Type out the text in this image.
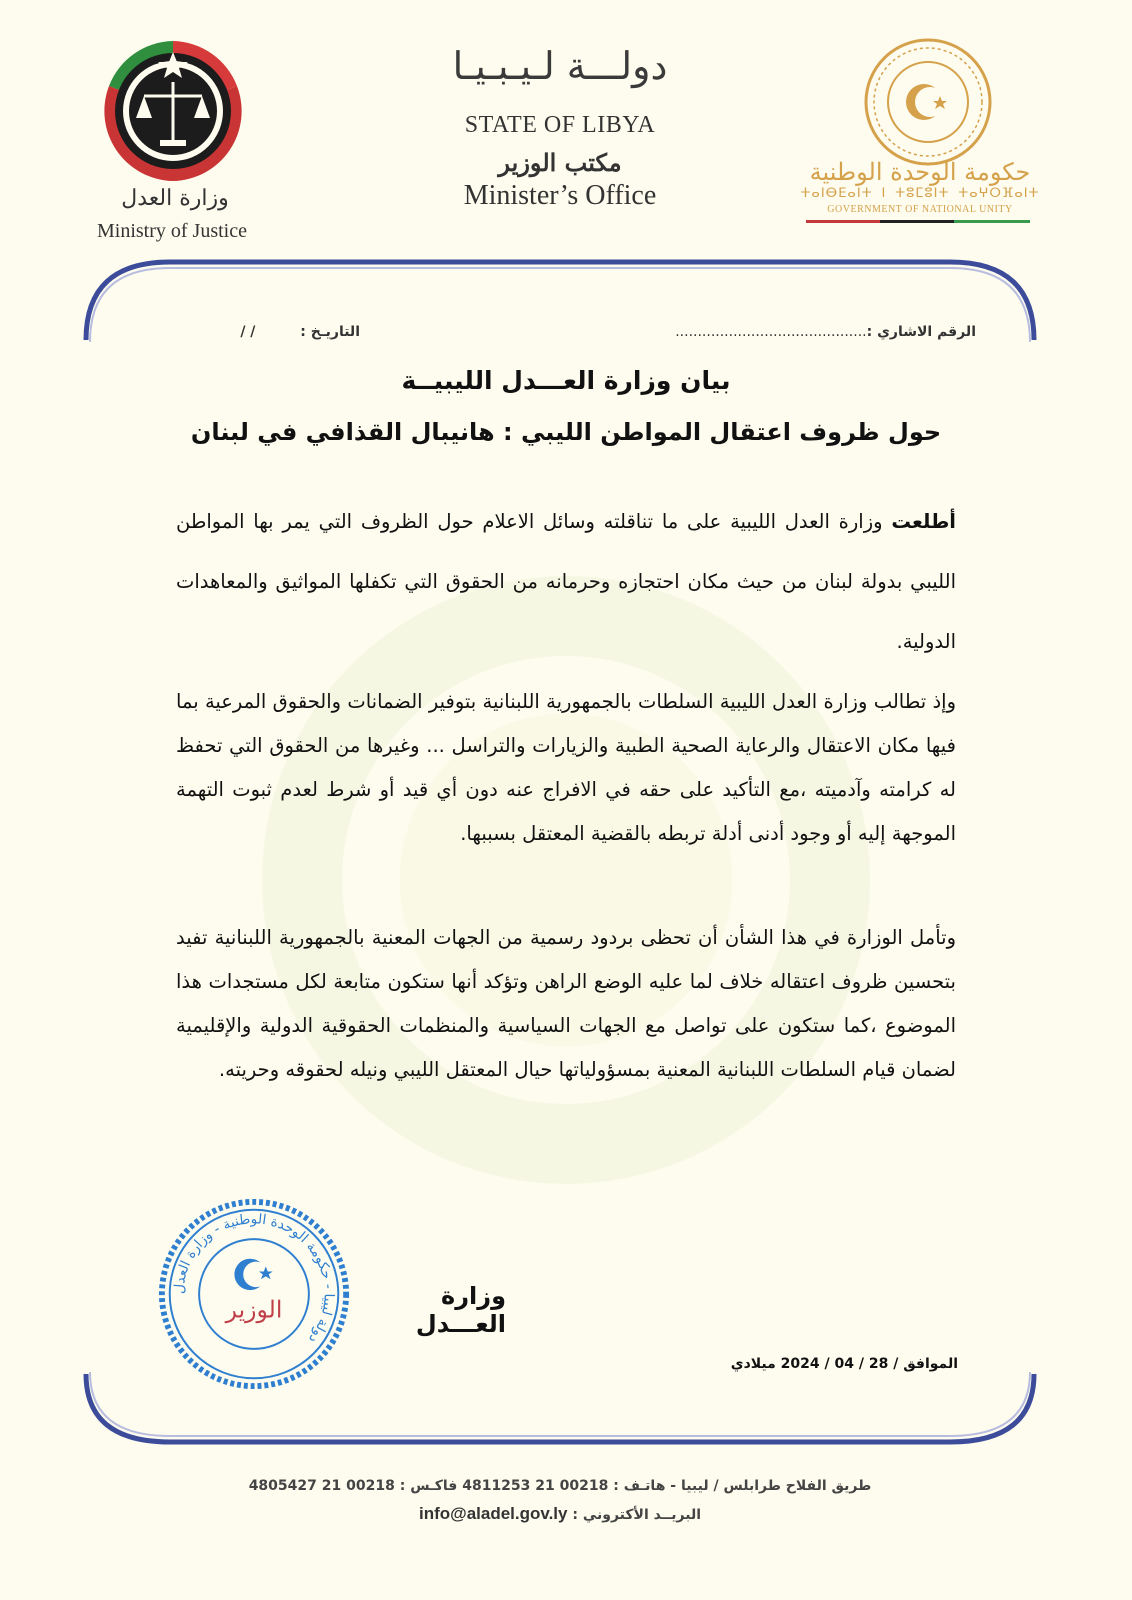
وزارة العدل
Ministry of Justice
دولـــة لـيـبـيـا
STATE OF LIBYA
مكتب الوزير
Minister’s Office
حكومة الوحدة الوطنية
ⵜⴰⵏⴱⴹⴰⵏⵜ ⵏ ⵜⵓⵎⵓⵏⵜ ⵜⴰⵖⵔⴼⴰⵏⵜ
GOVERNMENT OF NATIONAL UNITY
الرقم الاشاري :...........................................
التاريـخ : / /
بيان وزارة العـــدل الليبيــة
حول ظروف اعتقال المواطن الليبي : هانيبال القذافي في لبنان
أطلعت وزارة العدل الليبية على ما تناقلته وسائل الاعلام حول الظروف التي يمر بها المواطن الليبي بدولة لبنان من حيث مكان احتجازه وحرمانه من الحقوق التي تكفلها المواثيق والمعاهدات الدولية.
وإذ تطالب وزارة العدل الليبية السلطات بالجمهورية اللبنانية بتوفير الضمانات والحقوق المرعية بما فيها مكان الاعتقال والرعاية الصحية الطبية والزيارات والتراسل ... وغيرها من الحقوق التي تحفظ له كرامته وآدميته ،مع التأكيد على حقه في الافراج عنه دون أي قيد أو شرط لعدم ثبوت التهمة الموجهة إليه أو وجود أدنى أدلة تربطه بالقضية المعتقل بسببها.
وتأمل الوزارة في هذا الشأن أن تحظى بردود رسمية من الجهات المعنية بالجمهورية اللبنانية تفيد بتحسين ظروف اعتقاله خلاف لما عليه الوضع الراهن وتؤكد أنها ستكون متابعة لكل مستجدات هذا الموضوع ،كما ستكون على تواصل مع الجهات السياسية والمنظمات الحقوقية الدولية والإقليمية لضمان قيام السلطات اللبنانية المعنية بمسؤولياتها حيال المعتقل الليبي ونيله لحقوقه وحريته.
دولة ليبيا - حكومة الوحدة الوطنية - وزارة العدل
الوزير	وزارة العـــدل
الموافق / 28 / 04 / 2024 ميلادي
طريق الفلاح طرابلس / ليبيا - هاتـف : 00218 21 4811253 فاكـس : 00218 21 4805427
البريــد الأكتروني : info@aladel.gov.ly
